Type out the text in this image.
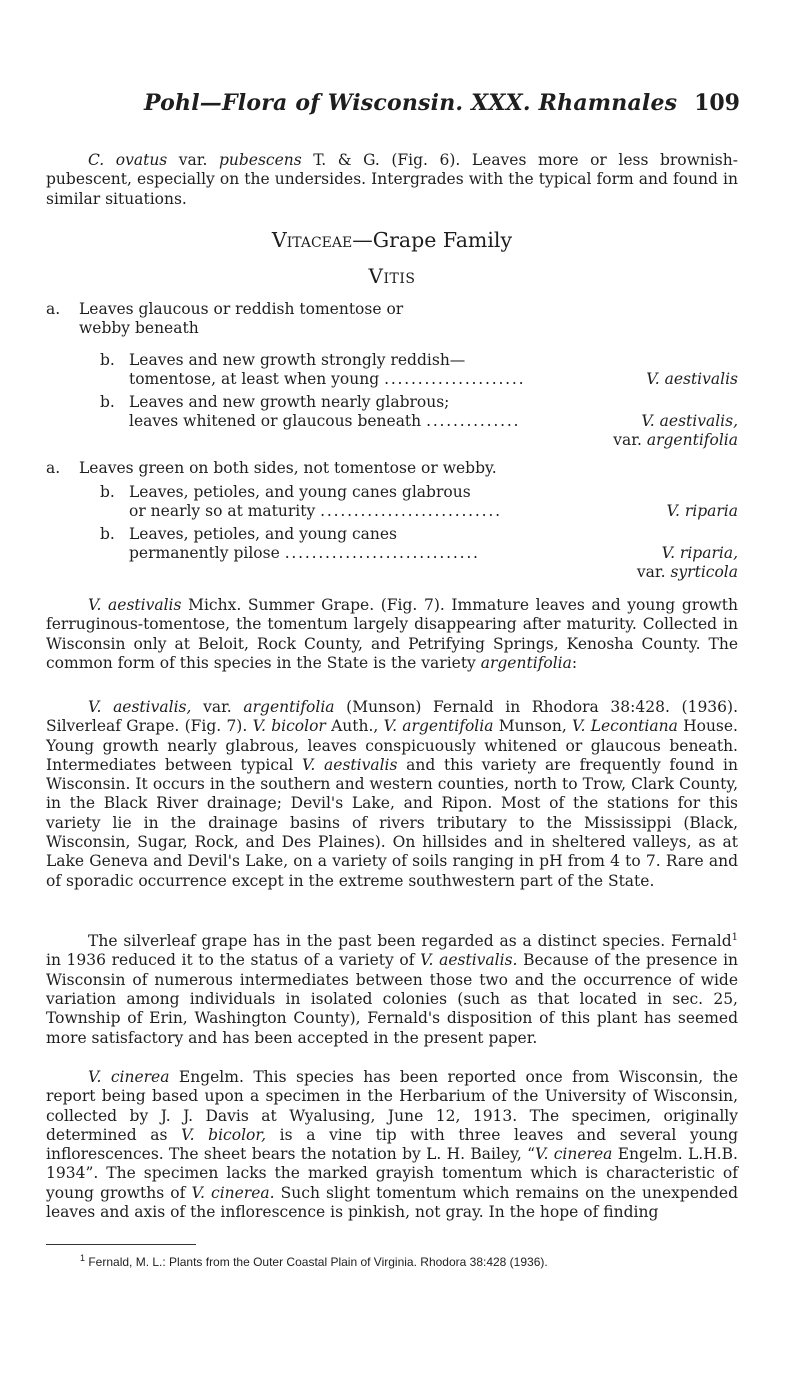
Pohl—Flora of Wisconsin. XXX. Rhamnales 109
C. ovatus var. pubescens T. & G. (Fig. 6). Leaves more or less brownish-pubescent, especially on the undersides. Intergrades with the typical form and found in similar situations.
Vitaceae—Grape Family
Vitis
a. Leaves glaucous or reddish tomentose or
webby beneath
b. Leaves and new growth strongly reddish—
tomentose, at least when young .....................	V. aestivalis
b. Leaves and new growth nearly glabrous;
leaves whitened or glaucous beneath ..............	V. aestivalis,
var. argentifolia
a. Leaves green on both sides, not tomentose or webby.
b. Leaves, petioles, and young canes glabrous
or nearly so at maturity ...........................	V. riparia
b. Leaves, petioles, and young canes
permanently pilose .............................	V. riparia,
var. syrticola
V. aestivalis Michx. Summer Grape. (Fig. 7). Immature leaves and young growth ferruginous-tomentose, the tomentum largely disappearing after maturity. Collected in Wisconsin only at Beloit, Rock County, and Petrifying Springs, Kenosha County. The common form of this species in the State is the variety argentifolia:
V. aestivalis, var. argentifolia (Munson) Fernald in Rhodora 38:428. (1936). Silverleaf Grape. (Fig. 7). V. bicolor Auth., V. argentifolia Munson, V. Lecontiana House. Young growth nearly glabrous, leaves conspicuously whitened or glaucous beneath. Intermediates between typical V. aestivalis and this variety are frequently found in Wisconsin. It occurs in the southern and western counties, north to Trow, Clark County, in the Black River drainage; Devil's Lake, and Ripon. Most of the stations for this variety lie in the drainage basins of rivers tributary to the Mississippi (Black, Wisconsin, Sugar, Rock, and Des Plaines). On hillsides and in sheltered valleys, as at Lake Geneva and Devil's Lake, on a variety of soils ranging in pH from 4 to 7. Rare and of sporadic occurrence except in the extreme southwestern part of the State.
The silverleaf grape has in the past been regarded as a distinct species. Fernald$^1$ in 1936 reduced it to the status of a variety of V. aestivalis. Because of the presence in Wisconsin of numerous intermediates between those two and the occurrence of wide variation among individuals in isolated colonies (such as that located in sec. 25, Township of Erin, Washington County), Fernald's disposition of this plant has seemed more satisfactory and has been accepted in the present paper.
V. cinerea Engelm. This species has been reported once from Wisconsin, the report being based upon a specimen in the Herbarium of the University of Wisconsin, collected by J. J. Davis at Wyalusing, June 12, 1913. The specimen, originally determined as V. bicolor, is a vine tip with three leaves and several young inflorescences. The sheet bears the notation by L. H. Bailey, “V. cinerea Engelm. L.H.B. 1934”. The specimen lacks the marked grayish tomentum which is characteristic of young growths of V. cinerea. Such slight tomentum which remains on the unexpended leaves and axis of the inflorescence is pinkish, not gray. In the hope of finding
$^1$ Fernald, M. L.: Plants from the Outer Coastal Plain of Virginia. Rhodora 38:428 (1936).
